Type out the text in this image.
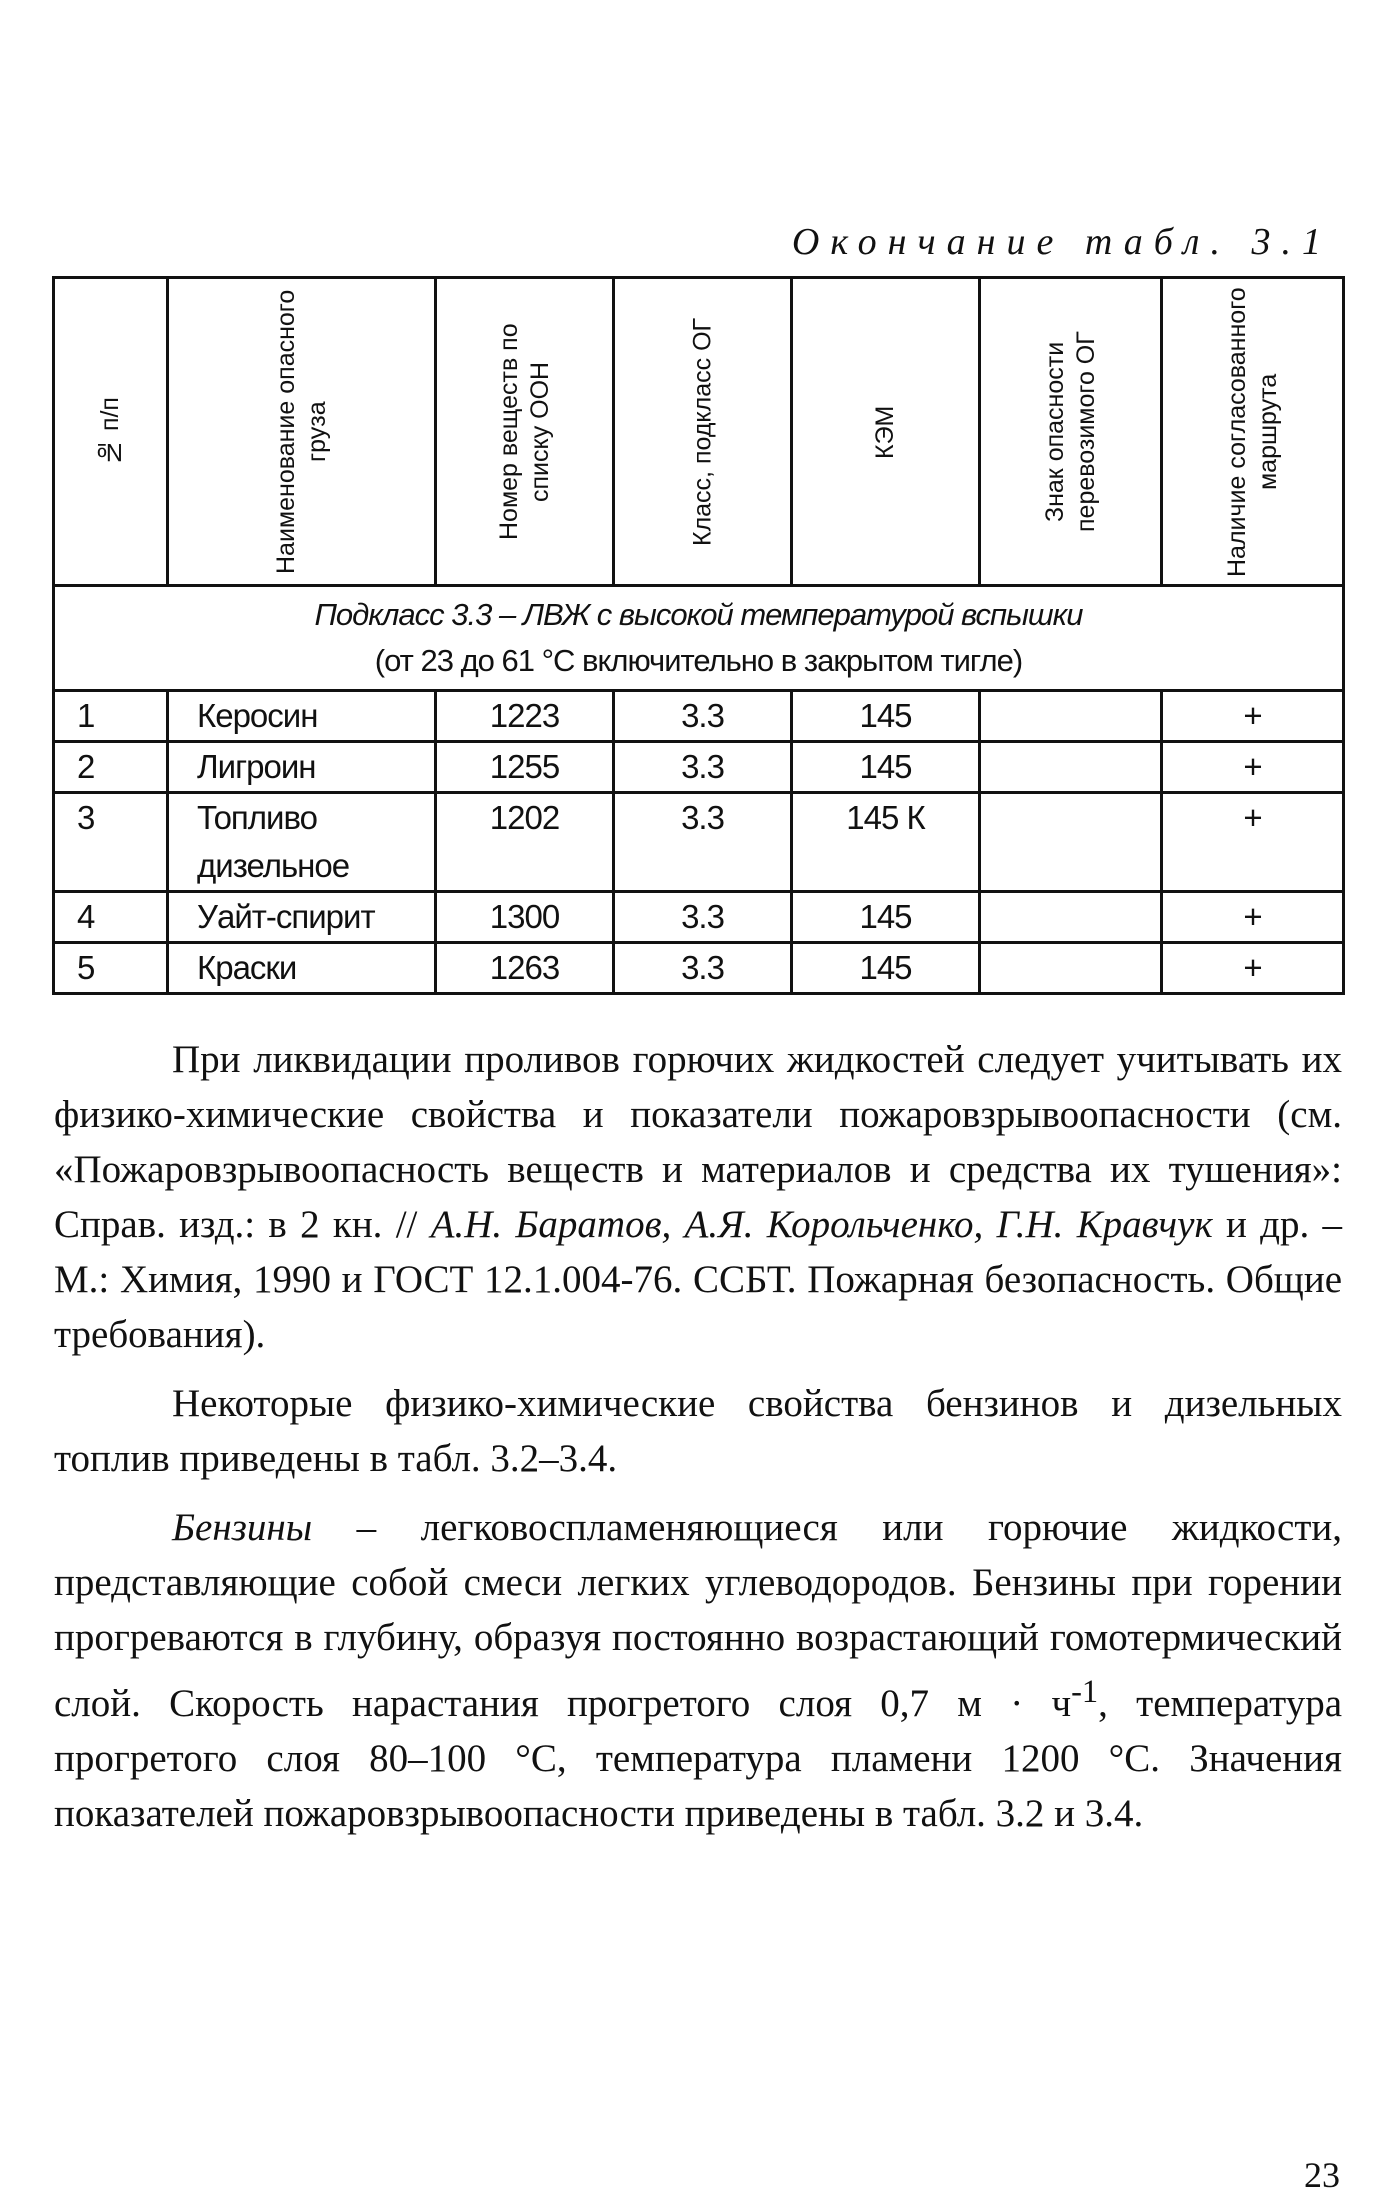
Окончание табл. 3.1
№ п/п	Наименование опасного груза	Номер веществ по списку ООН	Класс, подкласс ОГ	КЭМ	Знак опасности перевозимого ОГ	Наличие согласованного маршрута

Подкласс 3.3 – ЛВЖ с высокой температурой вспышки
(от 23 до 61 °С включительно в закрытом тигле)						
1	Керосин	1223	3.3	145		+
2	Лигроин	1255	3.3	145		+
3	Топливо дизельное	1202	3.3	145 К		+
4	Уайт-спирит	1300	3.3	145		+
5	Краски	1263	3.3	145		+

При ликвидации проливов горючих жидкостей следует учитывать их физико-химические свойства и показатели пожаровзрывоопасности (см. «Пожаровзрывоопасность веществ и материалов и средства их тушения»: Справ. изд.: в 2 кн. // А.Н. Баратов, А.Я. Корольченко, Г.Н. Кравчук и др. – М.: Химия, 1990 и ГОСТ 12.1.004-76. ССБТ. Пожарная безопасность. Общие требования).

Некоторые физико-химические свойства бензинов и дизельных топлив приведены в табл. 3.2–3.4.

Бензины – легковоспламеняющиеся или горючие жидкости, представляющие собой смеси легких углеводородов. Бензины при горении прогреваются в глубину, образуя постоянно возрастающий гомотермический слой. Скорость нарастания прогретого слоя 0,7 $м \cdot ч^{-1}$, температура прогретого слоя 80–100 °С, температура пламени 1200 °С. Значения показателей пожаровзрывоопасности приведены в табл. 3.2 и 3.4.

23
